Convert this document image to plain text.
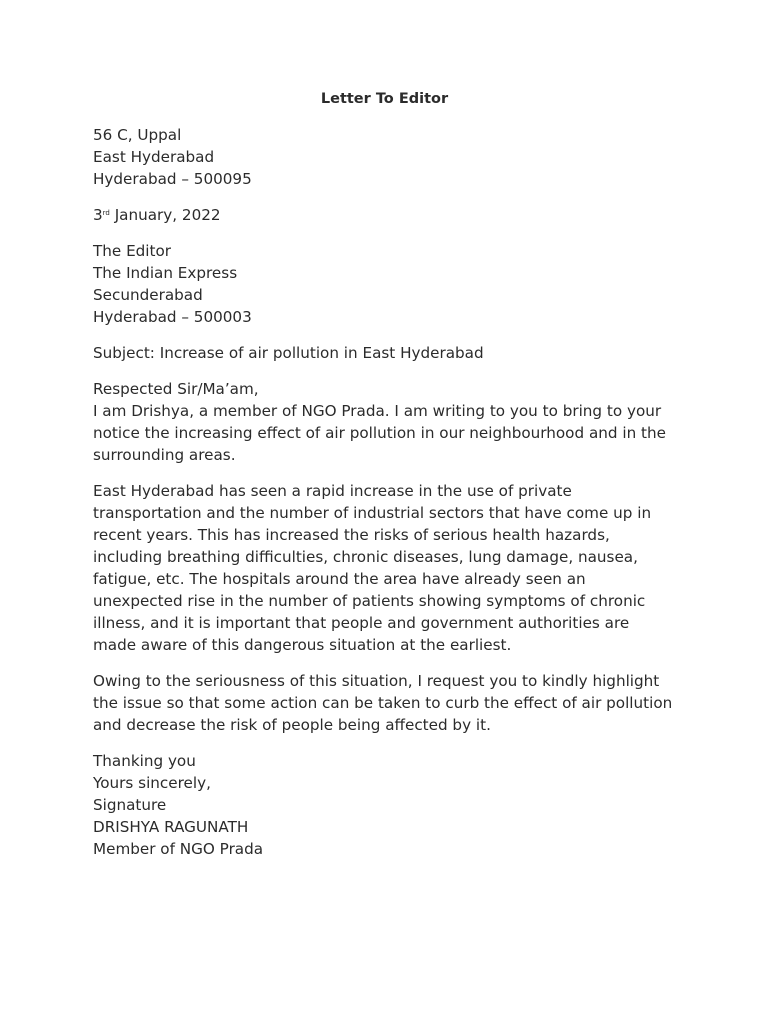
Letter To Editor
56 C, Uppal
East Hyderabad
Hyderabad – 500095
3rd January, 2022
The Editor
The Indian Express
Secunderabad
Hyderabad – 500003
Subject: Increase of air pollution in East Hyderabad
Respected Sir/Ma’am,
I am Drishya, a member of NGO Prada. I am writing to you to bring to your notice the increasing effect of air pollution in our neighbourhood and in the surrounding areas.
East Hyderabad has seen a rapid increase in the use of private transportation and the number of industrial sectors that have come up in recent years. This has increased the risks of serious health hazards, including breathing difficulties, chronic diseases, lung damage, nausea, fatigue, etc. The hospitals around the area have already seen an unexpected rise in the number of patients showing symptoms of chronic illness, and it is important that people and government authorities are made aware of this dangerous situation at the earliest.
Owing to the seriousness of this situation, I request you to kindly highlight the issue so that some action can be taken to curb the effect of air pollution and decrease the risk of people being affected by it.
Thanking you
Yours sincerely,
Signature
DRISHYA RAGUNATH
Member of NGO Prada
